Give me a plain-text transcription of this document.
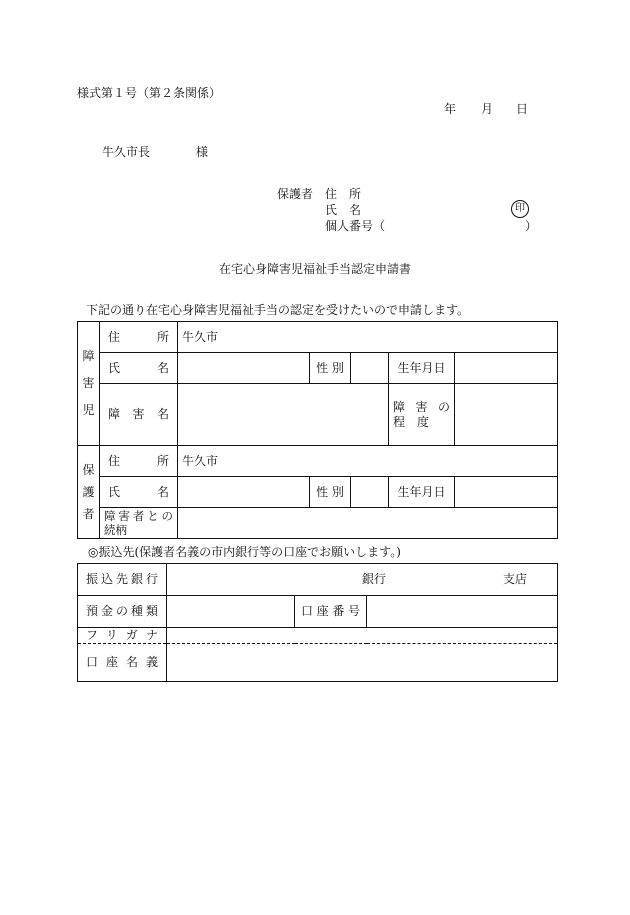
様式第１号（第２条関係）
年 月 日
牛久市長	様
保護者 住　所
氏　名	印
個人番号（	）
在宅心身障害児福祉手当認定申請書
下記の通り在宅心身障害児福祉手当の認定を受けたいので申請します。
障
害
児	住所	牛久市				
	氏名		性 別		生年月日	
	障害名				障 害 の
程　度	

保
護
者	住所	牛久市				
	氏名		性 別		生年月日	

	障害者との
続柄					

◎振込先(保護者名義の市内銀行等の口座でお願いします。)
振込先銀行	銀行 支店		

預金の種類		口座番号	
フリガナ			
口座名義			
